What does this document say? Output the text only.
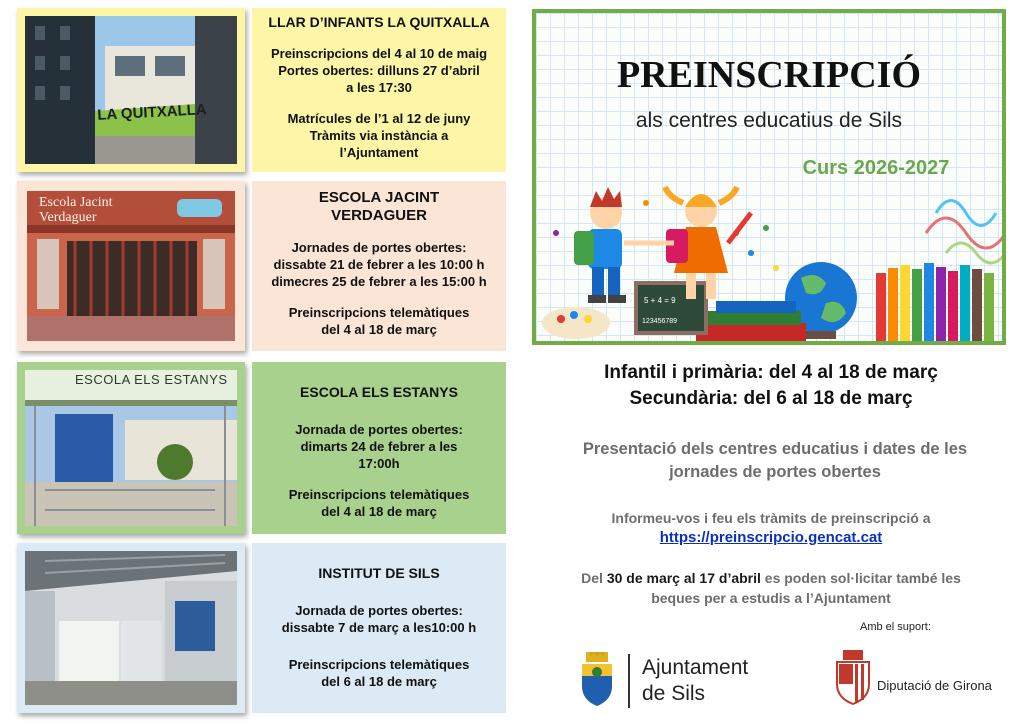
LA QUITXALLA
LLAR D’INFANTS LA QUITXALLA

Preinscripcions del 4 al 10 de maig

Portes obertes: dilluns 27 d’abril

a les 17:30

Matrícules de l’1 al 12 de juny

Tràmits via instància a

l’Ajuntament

Escola Jacint Verdaguer
ESCOLA JACINT VERDAGUER

Jornades de portes obertes:

dissabte 21 de febrer a les 10:00 h

dimecres 25 de febrer a les 15:00 h

Preinscripcions telemàtiques

del 4 al 18 de març

ESCOLA ELS ESTANYS
ESCOLA ELS ESTANYS

Jornada de portes obertes:

dimarts 24 de febrer a les

17:00h

Preinscripcions telemàtiques

del 4 al 18 de març

INSTITUT DE SILS

Jornada de portes obertes:

dissabte 7 de març a les10:00 h

Preinscripcions telemàtiques

del 6 al 18 de març

PREINSCRIPCIÓ
als centres educatius de Sils
Curs 2026-2027
5 + 4 = 9
123456789
Infantil i primària: del 4 al 18 de març
Secundària: del 6 al 18 de març
Presentació dels centres educatius i dates de les
jornades de portes obertes
Informeu-vos i feu els tràmits de preinscripció a
https://preinscripcio.gencat.cat
Del 30 de març al 17 d’abril es poden sol·licitar també les
beques per a estudis a l’Ajuntament
Amb el suport:
Ajuntament
de Sils	Diputació de Girona
